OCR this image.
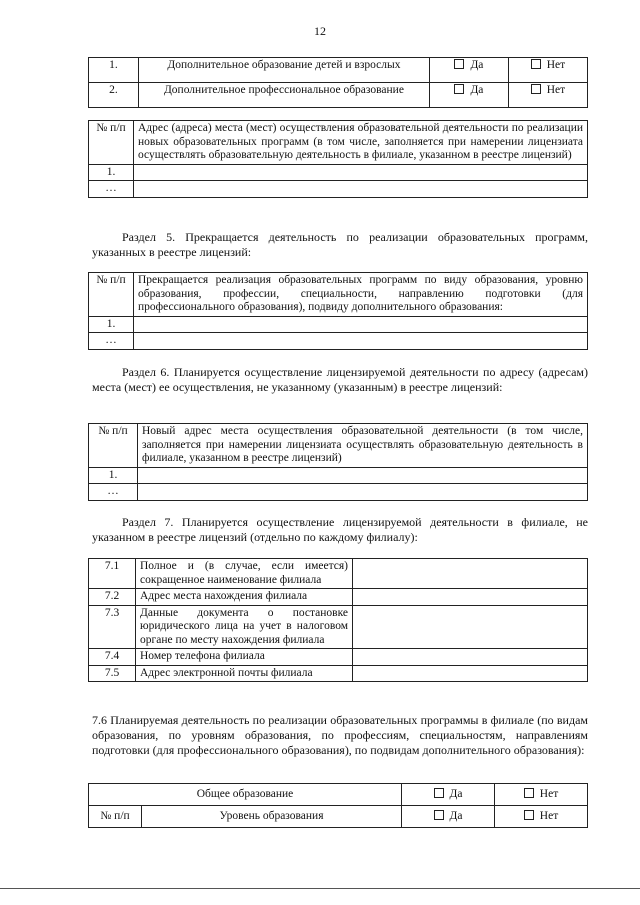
12
1.	Дополнительное образование детей и взрослых	Да	Нет
2.	Дополнительное профессиональное образование	Да	Нет
№ п/п	Адрес (адреса) места (мест) осуществления образовательной деятельности по реализации новых образовательных программ (в том числе, заполняется при намерении лицензиата осуществлять образовательную деятельность в филиале, указанном в реестре лицензий)
1.	
…	
Раздел 5. Прекращается деятельность по реализации образовательных программ, указанных в реестре лицензий:
№ п/п	Прекращается реализация образовательных программ по виду образования, уровню образования, профессии, специальности, направлению подготовки (для профессионального образования), подвиду дополнительного образования:
1.	
…	
Раздел 6. Планируется осуществление лицензируемой деятельности по адресу (адресам) места (мест) ее осуществления, не указанному (указанным) в реестре лицензий:
№ п/п	Новый адрес места осуществления образовательной деятельности (в том числе, заполняется при намерении лицензиата осуществлять образовательную деятельность в филиале, указанном в реестре лицензий)
1.	
…	
Раздел 7. Планируется осуществление лицензируемой деятельности в филиале, не указанном в реестре лицензий (отдельно по каждому филиалу):
7.1	Полное и (в случае, если имеется) сокращенное наименование филиала	
7.2	Адрес места нахождения филиала	
7.3	Данные документа о постановке юридического лица на учет в налоговом органе по месту нахождения филиала	
7.4	Номер телефона филиала	
7.5	Адрес электронной почты филиала	
7.6 Планируемая деятельность по реализации образовательных программы в филиале (по видам образования, по уровням образования, по профессиям, специальностям, направлениям подготовки (для профессионального образования), по подвидам дополнительного образования):
Общее образование		Да	Нет
№ п/п	Уровень образования	Да	Нет
